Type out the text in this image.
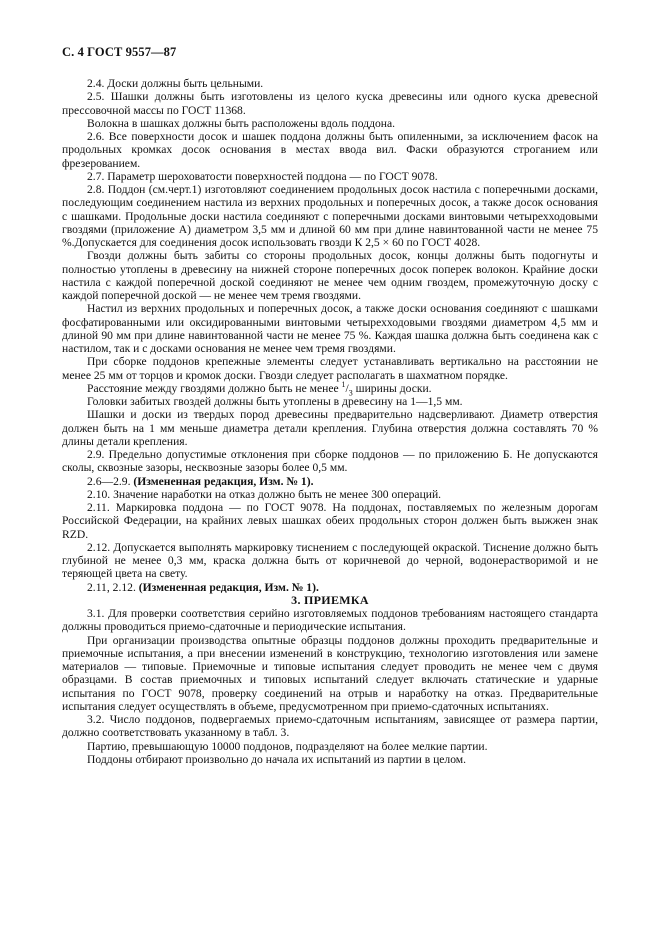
С. 4 ГОСТ 9557—87

2.4. Доски должны быть цельными.

2.5. Шашки должны быть изготовлены из целого куска древесины или одного куска древесной прессовочной массы по ГОСТ 11368.

Волокна в шашках должны быть расположены вдоль поддона.

2.6. Все поверхности досок и шашек поддона должны быть опиленными, за исключением фасок на продольных кромках досок основания в местах ввода вил. Фаски образуются строганием или фрезерованием.

2.7. Параметр шероховатости поверхностей поддона — по ГОСТ 9078.

2.8. Поддон (см.черт.1) изготовляют соединением продольных досок настила с поперечными досками, последующим соединением настила из верхних продольных и поперечных досок, а также досок основания с шашками. Продольные доски настила соединяют с поперечными досками винтовыми четырехходовыми гвоздями (приложение А) диаметром 3,5 мм и длиной 60 мм при длине навинтованной части не менее 75 %.Допускается для соединения досок использовать гвозди К 2,5 × 60 по ГОСТ 4028.

Гвозди должны быть забиты со стороны продольных досок, концы должны быть подогнуты и полностью утоплены в древесину на нижней стороне поперечных досок поперек волокон. Крайние доски настила с каждой поперечной доской соединяют не менее чем одним гвоздем, промежуточную доску с каждой поперечной доской — не менее чем тремя гвоздями.

Настил из верхних продольных и поперечных досок, а также доски основания соединяют с шашками фосфатированными или оксидированными винтовыми четырехходовыми гвоздями диаметром 4,5 мм и длиной 90 мм при длине навинтованной части не менее 75 %. Каждая шашка должна быть соединена как с настилом, так и с досками основания не менее чем тремя гвоздями.

При сборке поддонов крепежные элементы следует устанавливать вертикально на расстоянии не менее 25 мм от торцов и кромок доски. Гвозди следует располагать в шахматном порядке.

Расстояние между гвоздями должно быть не менее $^1/_3$ ширины доски.

Головки забитых гвоздей должны быть утоплены в древесину на 1—1,5 мм.

Шашки и доски из твердых пород древесины предварительно надсверливают. Диаметр отверстия должен быть на 1 мм меньше диаметра детали крепления. Глубина отверстия должна составлять 70 % длины детали крепления.

2.9. Предельно допустимые отклонения при сборке поддонов — по приложению Б. Не допускаются сколы, сквозные зазоры, несквозные зазоры более 0,5 мм.

2.6—2.9. (Измененная редакция, Изм. № 1).

2.10. Значение наработки на отказ должно быть не менее 300 операций.

2.11. Маркировка поддона — по ГОСТ 9078. На поддонах, поставляемых по железным дорогам Российской Федерации, на крайних левых шашках обеих продольных сторон должен быть выжжен знак RZD.

2.12. Допускается выполнять маркировку тиснением с последующей окраской. Тиснение должно быть глубиной не менее 0,3 мм, краска должна быть от коричневой до черной, водонерастворимой и не теряющей цвета на свету.

2.11, 2.12. (Измененная редакция, Изм. № 1).

3. ПРИЕМКА

3.1. Для проверки соответствия серийно изготовляемых поддонов требованиям настоящего стандарта должны проводиться приемо-сдаточные и периодические испытания.

При организации производства опытные образцы поддонов должны проходить предварительные и приемочные испытания, а при внесении изменений в конструкцию, технологию изготовления или замене материалов — типовые. Приемочные и типовые испытания следует проводить не менее чем с двумя образцами. В состав приемочных и типовых испытаний следует включать статические и ударные испытания по ГОСТ 9078, проверку соединений на отрыв и наработку на отказ. Предварительные испытания следует осуществлять в объеме, предусмотренном при приемо-сдаточных испытаниях.

3.2. Число поддонов, подвергаемых приемо-сдаточным испытаниям, зависящее от размера партии, должно соответствовать указанному в табл. 3.

Партию, превышающую 10000 поддонов, подразделяют на более мелкие партии.

Поддоны отбирают произвольно до начала их испытаний из партии в целом.
